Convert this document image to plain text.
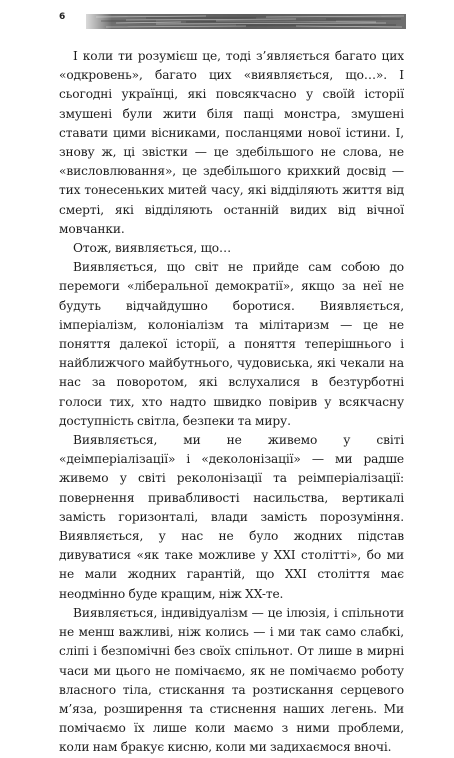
6

І коли ти розумієш це, тоді з’являється багато цих «одкровень», багато цих «виявляється, що…». І сьогодні українці, які повсякчасно у своїй історії змушені були жити біля пащі монстра, змушені ставати цими вісниками, посланцями нової істини. І, знову ж, ці звістки — це здебільшого не слова, не «висловлювання», це здебільшого крихкий досвід — тих тонесеньких митей часу, які відділяють життя від смерті, які відділяють останній видих від вічної мовчанки.

Отож, виявляється, що…

Виявляється, що світ не прийде сам собою до перемоги «ліберальної демократії», якщо за неї не будуть відчайдушно боротися. Виявляється, імперіалізм, колоніалізм та мілітаризм — це не поняття далекої історії, а поняття теперішнього і найближчого майбутнього, чудовиська, які чекали на нас за поворотом, які вслухалися в безтурботні голоси тих, хто надто швидко повірив у всякчасну доступність світла, безпеки та миру.

Виявляється, ми не живемо у світі «деімперіалізації» і «деколонізації» — ми радше живемо у світі реколонізації та реімперіалізації: повернення привабливості насильства, вертикалі замість горизонталі, влади замість порозуміння. Виявляється, у нас не було жодних підстав дивуватися «як таке можливе у XXI столітті», бо ми не мали жодних гарантій, що XXI століття має неодмінно буде кращим, ніж XX-те.

Виявляється, індивідуалізм — це ілюзія, і спільноти не менш важливі, ніж колись — і ми так само слабкі, сліпі і безпомічні без своїх спільнот. От лише в мирні часи ми цього не помічаємо, як не помічаємо роботу власного тіла, стискання та розтискання серцевого м’яза, розширення та стиснення наших легень. Ми помічаємо їх лише коли маємо з ними проблеми, коли нам бракує кисню, коли ми задихаємося вночі.
